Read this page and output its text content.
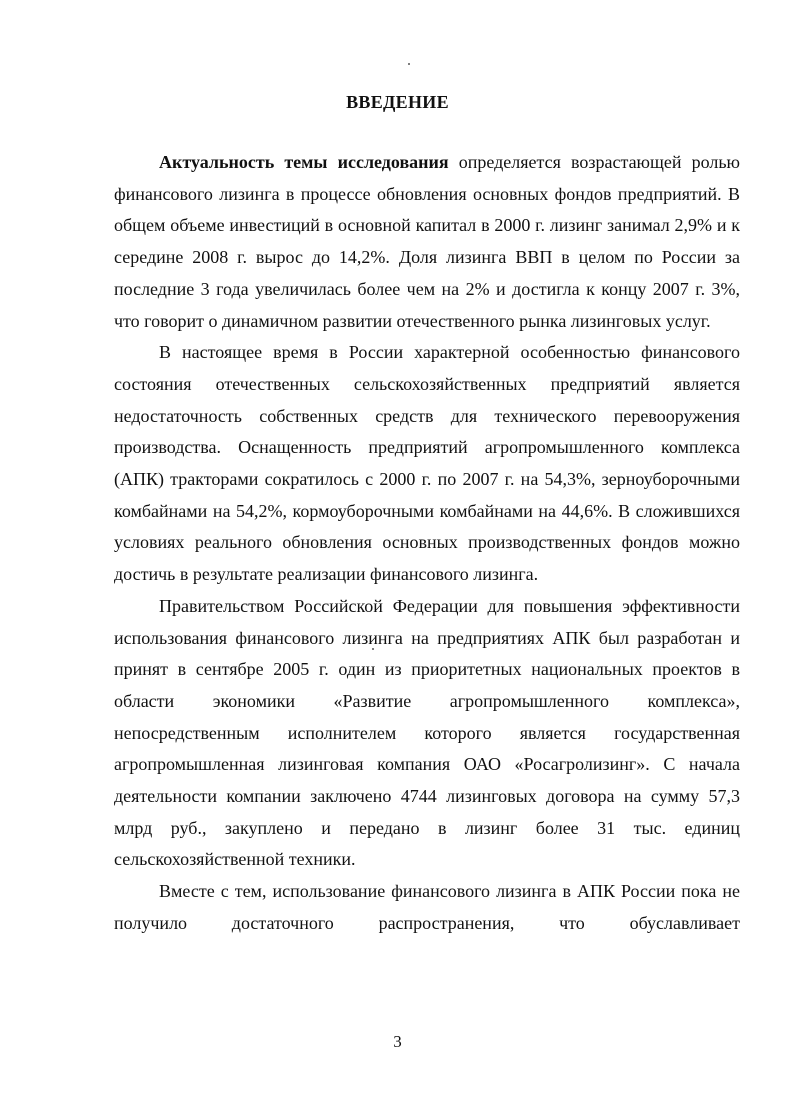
ВВЕДЕНИЕ

Актуальность темы исследования определяется возрастающей ролью финансового лизинга в процессе обновления основных фондов предприятий. В общем объеме инвестиций в основной капитал в 2000 г. лизинг занимал 2,9% и к середине 2008 г. вырос до 14,2%. Доля лизинга ВВП в целом по России за последние 3 года увеличилась более чем на 2% и достигла к концу 2007 г. 3%, что говорит о динамичном развитии отечественного рынка лизинговых услуг.

В настоящее время в России характерной особенностью финансового состояния отечественных сельскохозяйственных предприятий является недостаточность собственных средств для технического перевооружения производства. Оснащенность предприятий агропромышленного комплекса (АПК) тракторами сократилось с 2000 г. по 2007 г. на 54,3%, зерноуборочными комбайнами на 54,2%, кормоуборочными комбайнами на 44,6%. В сложившихся условиях реального обновления основных производственных фондов можно достичь в результате реализации финансового лизинга.

Правительством Российской Федерации для повышения эффективности использования финансового лизинга на предприятиях АПК был разработан и принят в сентябре 2005 г. один из приоритетных национальных проектов в области экономики «Развитие агропромышленного комплекса», непосредственным исполнителем которого является государственная агропромышленная лизинговая компания ОАО «Росагролизинг». С начала деятельности компании заключено 4744 лизинговых договора на сумму 57,3 млрд руб., закуплено и передано в лизинг более 31 тыс. единиц сельскохозяйственной техники.

Вместе с тем, использование финансового лизинга в АПК России пока не получило достаточного распространения, что обуславливает

3
